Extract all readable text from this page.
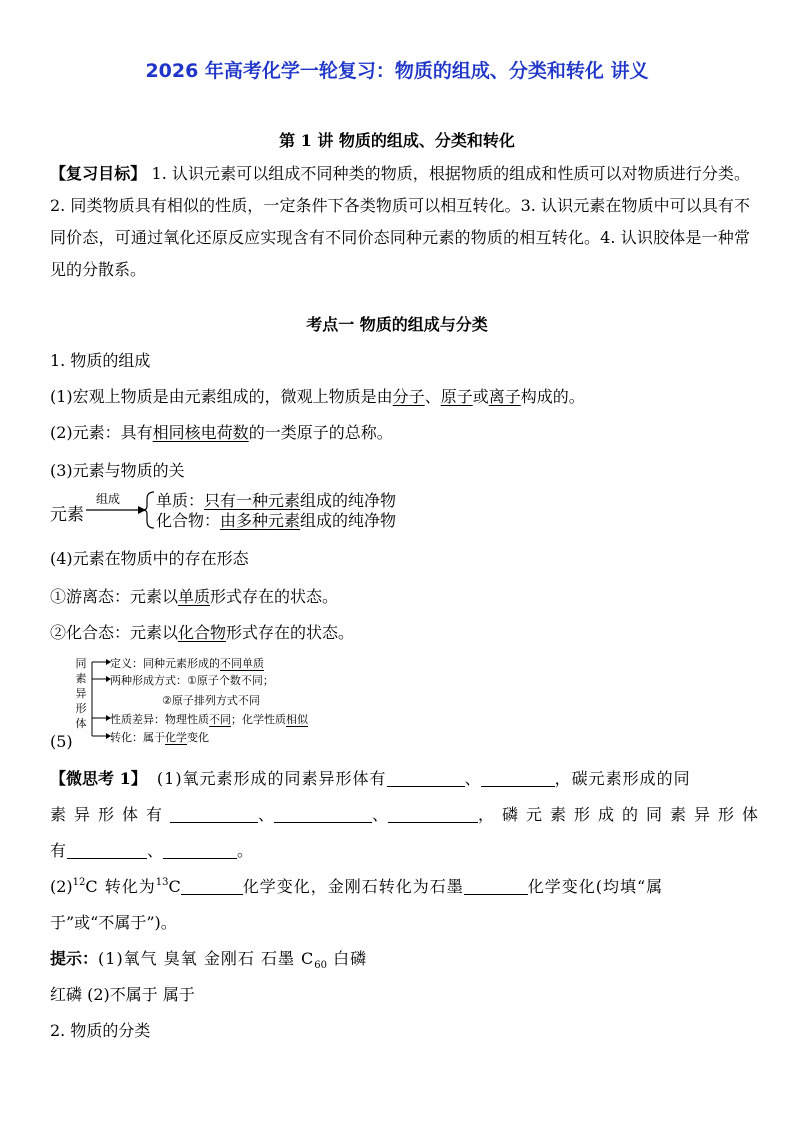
2026 年高考化学一轮复习：物质的组成、分类和转化 讲义
第 1 讲 物质的组成、分类和转化
【复习目标】 1. 认识元素可以组成不同种类的物质，根据物质的组成和性质可以对物质进行分类。2. 同类物质具有相似的性质，一定条件下各类物质可以相互转化。3. 认识元素在物质中可以具有不同价态，可通过氧化还原反应实现含有不同价态同种元素的物质的相互转化。4. 认识胶体是一种常见的分散系。
考点一 物质的组成与分类
1. 物质的组成
(1)宏观上物质是由元素组成的，微观上物质是由分子、原子或离子构成的。
(2)元素：具有相同核电荷数的一类原子的总称。
(3)元素与物质的关
元素
组成 单质：只有一种元素组成的纯净物
化合物：由多种元素组成的纯净物
(4)元素在物质中的存在形态
①游离态：元素以单质形式存在的状态。
②化合态：元素以化合物形式存在的状态。
同
素
异
形
体
定义：同种元素形成的不同单质
两种形成方式：①原子个数不同；
②原子排列方式不同
性质差异：物理性质不同；化学性质相似
转化：属于化学变化
(5)
【微思考 1】 (1)氧元素形成的同素异形体有	、	，碳元素形成的同
素异形体有	、	、	，磷元素形成的同素异形体
有	、	。
$(2)^{12}C$ 转化为$^{13}$C	化学变化，金刚石转化为石墨	化学变化(均填“属
于”或“不属于”)。
提示：(1)氧气 臭氧 金刚石 石墨 $C_{60}$ 白磷
红磷 (2)不属于 属于
2. 物质的分类
